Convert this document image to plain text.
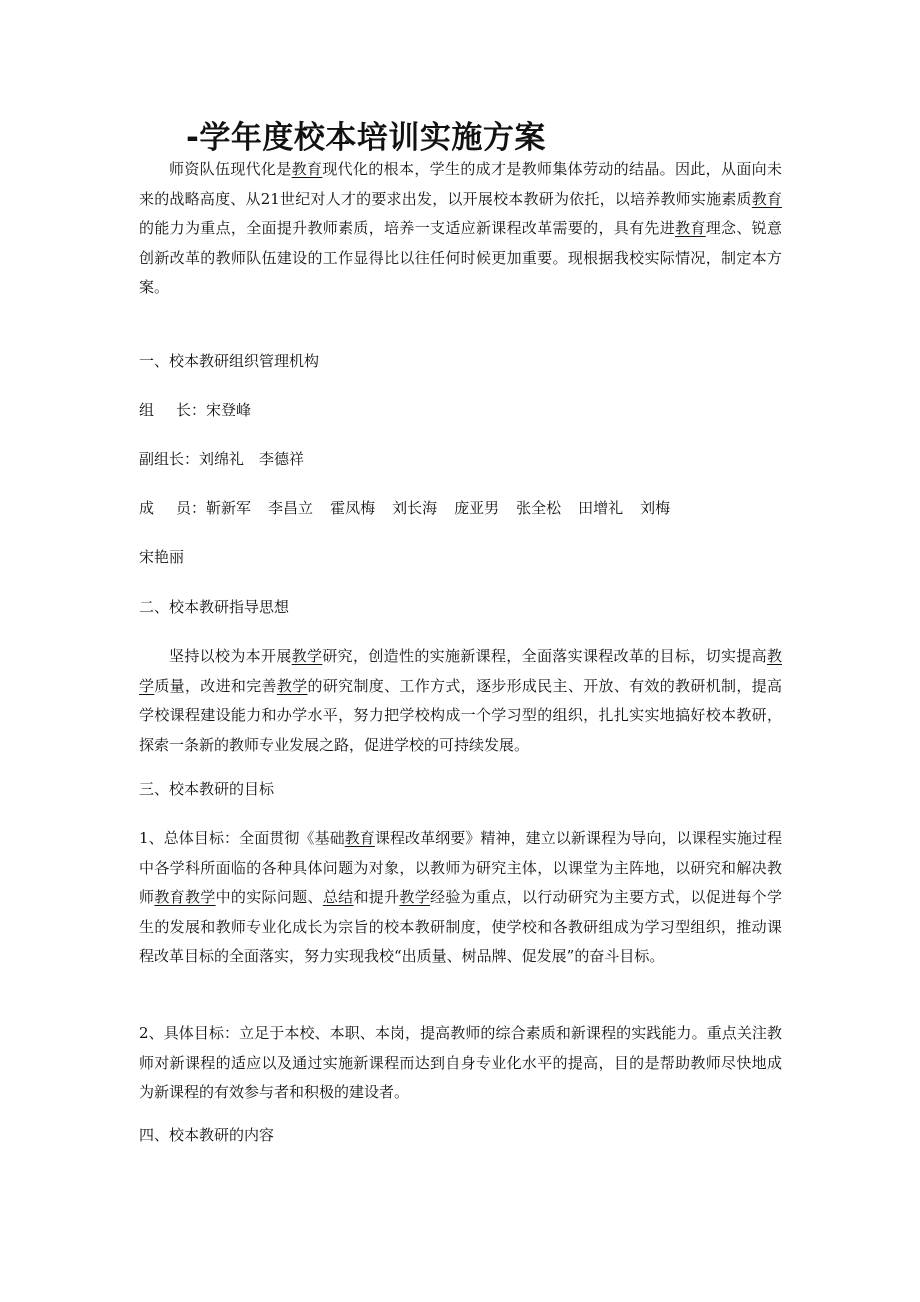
-学年度校本培训实施方案

师资队伍现代化是教育现代化的根本，学生的成才是教师集体劳动的结晶。因此，从面向未来的战略高度、从21世纪对人才的要求出发，以开展校本教研为依托，以培养教师实施素质教育的能力为重点，全面提升教师素质，培养一支适应新课程改革需要的，具有先进教育理念、锐意创新改革的教师队伍建设的工作显得比以往任何时候更加重要。现根据我校实际情况，制定本方案。

一、校本教研组织管理机构
组 长：宋登峰
副组长：刘绵礼 李德祥
成 员：靳新军 李昌立 霍凤梅 刘长海 庞亚男 张全松 田增礼 刘梅
宋艳丽
二、校本教研指导思想

坚持以校为本开展教学研究，创造性的实施新课程，全面落实课程改革的目标，切实提高教学质量，改进和完善教学的研究制度、工作方式，逐步形成民主、开放、有效的教研机制，提高学校课程建设能力和办学水平，努力把学校构成一个学习型的组织，扎扎实实地搞好校本教研，探索一条新的教师专业发展之路，促进学校的可持续发展。

三、校本教研的目标

1、总体目标：全面贯彻《基础教育课程改革纲要》精神，建立以新课程为导向，以课程实施过程中各学科所面临的各种具体问题为对象，以教师为研究主体，以课堂为主阵地，以研究和解决教师教育教学中的实际问题、总结和提升教学经验为重点，以行动研究为主要方式，以促进每个学生的发展和教师专业化成长为宗旨的校本教研制度，使学校和各教研组成为学习型组织，推动课程改革目标的全面落实，努力实现我校“出质量、树品牌、促发展”的奋斗目标。

2、具体目标：立足于本校、本职、本岗，提高教师的综合素质和新课程的实践能力。重点关注教师对新课程的适应以及通过实施新课程而达到自身专业化水平的提高，目的是帮助教师尽快地成为新课程的有效参与者和积极的建设者。

四、校本教研的内容
